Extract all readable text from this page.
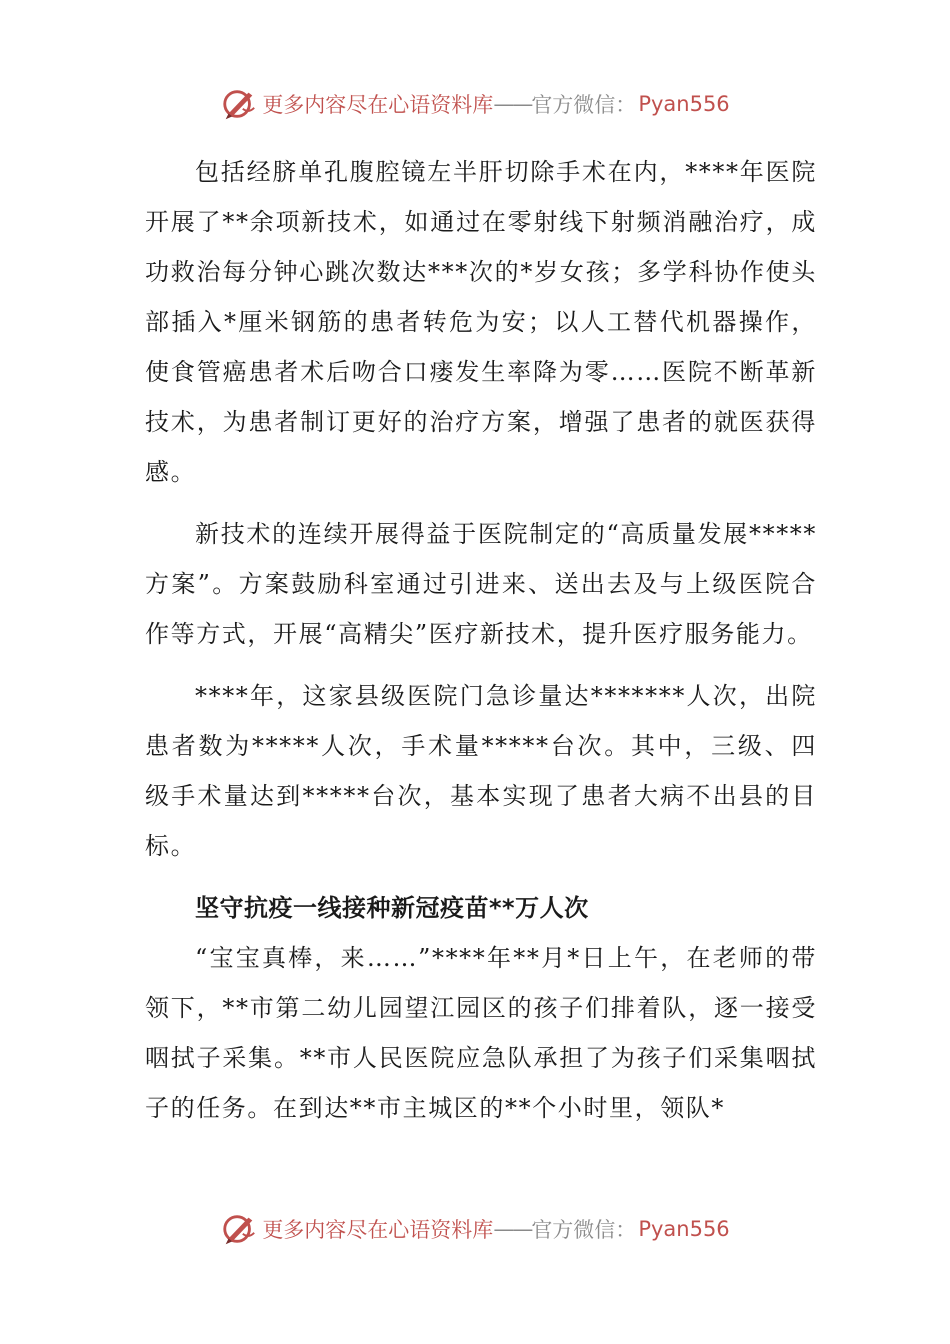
更多内容尽在心语资料库 —— 官方微信： Pyan556

包括经脐单孔腹腔镜左半肝切除手术在内，****年医院开展了**余项新技术，如通过在零射线下射频消融治疗，成功救治每分钟心跳次数达***次的*岁女孩；多学科协作使头部插入*厘米钢筋的患者转危为安；以人工替代机器操作，使食管癌患者术后吻合口瘘发生率降为零……医院不断革新技术，为患者制订更好的治疗方案，增强了患者的就医获得感。

新技术的连续开展得益于医院制定的“高质量发展*****方案”。方案鼓励科室通过引进来、送出去及与上级医院合作等方式，开展“高精尖”医疗新技术，提升医疗服务能力。

****年，这家县级医院门急诊量达*******人次，出院患者数为*****人次，手术量*****台次。其中，三级、四级手术量达到*****台次，基本实现了患者大病不出县的目标。

坚守抗疫一线接种新冠疫苗**万人次

“宝宝真棒，来……”****年**月*日上午，在老师的带领下，**市第二幼儿园望江园区的孩子们排着队，逐一接受咽拭子采集。**市人民医院应急队承担了为孩子们采集咽拭子的任务。在到达**市主城区的**个小时里，领队*

更多内容尽在心语资料库 —— 官方微信： Pyan556
